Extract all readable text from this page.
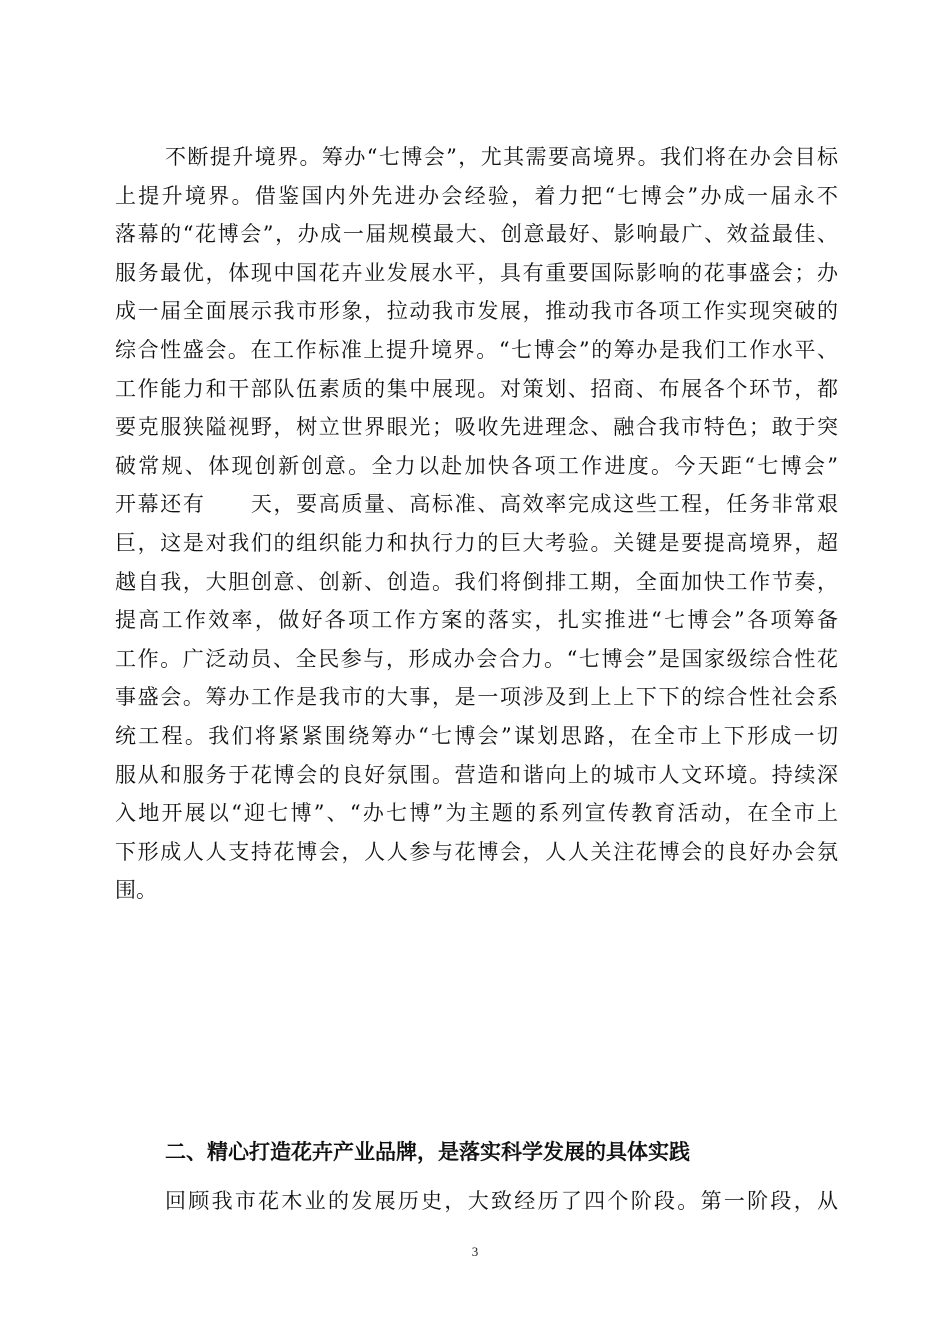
不断提升境界。筹办“七博会”，尤其需要高境界。我们将在办会目标
上提升境界。借鉴国内外先进办会经验，着力把“七博会”办成一届永不
落幕的“花博会”，办成一届规模最大、创意最好、影响最广、效益最佳、
服务最优，体现中国花卉业发展水平，具有重要国际影响的花事盛会；办
成一届全面展示我市形象，拉动我市发展，推动我市各项工作实现突破的
综合性盛会。在工作标准上提升境界。“七博会”的筹办是我们工作水平、
工作能力和干部队伍素质的集中展现。对策划、招商、布展各个环节，都
要克服狭隘视野，树立世界眼光；吸收先进理念、融合我市特色；敢于突
破常规、体现创新创意。全力以赴加快各项工作进度。今天距“七博会”
开幕还有　　天，要高质量、高标准、高效率完成这些工程，任务非常艰
巨，这是对我们的组织能力和执行力的巨大考验。关键是要提高境界，超
越自我，大胆创意、创新、创造。我们将倒排工期，全面加快工作节奏，
提高工作效率，做好各项工作方案的落实，扎实推进“七博会”各项筹备
工作。广泛动员、全民参与，形成办会合力。“七博会”是国家级综合性花
事盛会。筹办工作是我市的大事，是一项涉及到上上下下的综合性社会系
统工程。我们将紧紧围绕筹办“七博会”谋划思路，在全市上下形成一切
服从和服务于花博会的良好氛围。营造和谐向上的城市人文环境。持续深
入地开展以“迎七博”、“办七博”为主题的系列宣传教育活动，在全市上
下形成人人支持花博会，人人参与花博会，人人关注花博会的良好办会氛
围。
二、精心打造花卉产业品牌，是落实科学发展的具体实践
回顾我市花木业的发展历史，大致经历了四个阶段。第一阶段，从
3
